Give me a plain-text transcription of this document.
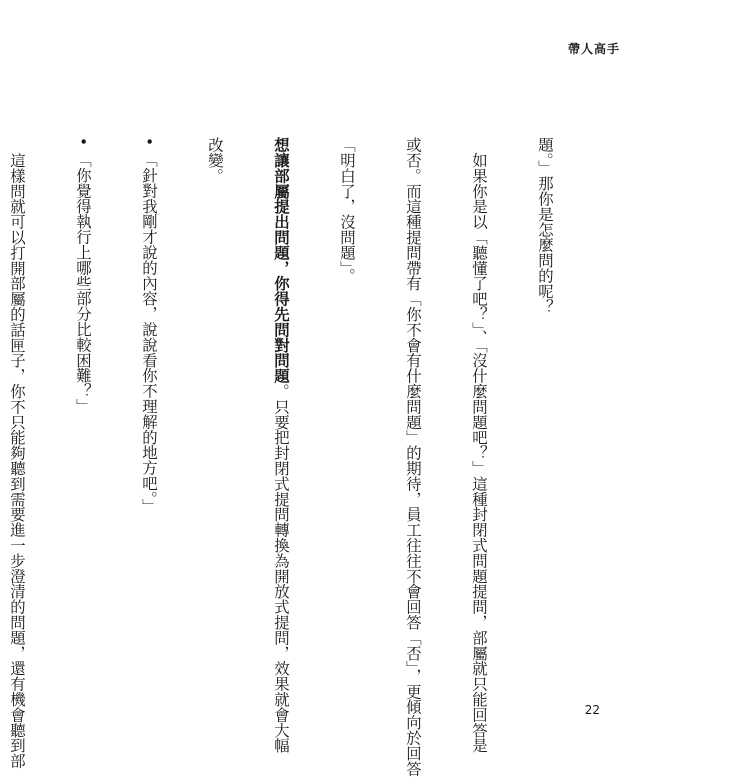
帶人高手

題。」那你是怎麼問的呢？

　如果你是以「聽懂了吧？」、「沒什麼問題吧？」這種封閉式問題提問，部屬就只能回答是

或否。而這種提問帶有「你不會有什麼問題」的期待，員工往往不會回答「否」，更傾向於回答

「明白了，沒問題」。

想讓部屬提出問題，你得先問對問題。只要把封閉式提問轉換為開放式提問，效果就會大幅

改變。

•「針對我剛才說的內容，說說看你不理解的地方吧。」

•「你覺得執行上哪些部分比較困難？」

　這樣問就可以打開部屬的話匣子，你不只能夠聽到需要進一步澄清的問題，還有機會聽到部

	22
